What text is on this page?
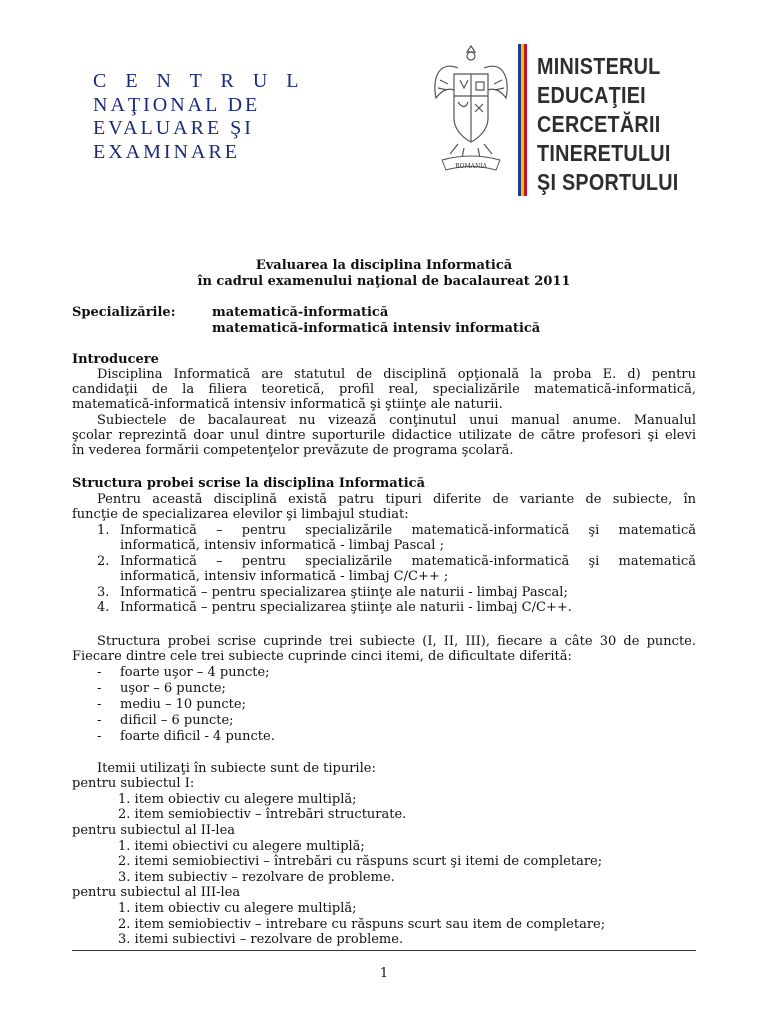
C E N T R U L
NAŢIONAL DE
EVALUARE ŞI
EXAMINARE
ROMANIA
MINISTERUL
EDUCAŢIEI
CERCETĂRII
TINERETULUI
ŞI SPORTULUI
Evaluarea la disciplina Informatică
în cadrul examenului naţional de bacalaureat 2011
Specializările:	matematică-informatică
matematică-informatică intensiv informatică
Introducere
Disciplina Informatică are statutul de disciplină opţională la proba E. d) pentru
candidaţii de la filiera teoretică, profil real, specializările matematică-informatică,
matematică-informatică intensiv informatică şi ştiinţe ale naturii.
Subiectele de bacalaureat nu vizează conţinutul unui manual anume. Manualul
şcolar reprezintă doar unul dintre suporturile didactice utilizate de către profesori şi elevi
în vederea formării competenţelor prevăzute de programa şcolară.
Structura probei scrise la disciplina Informatică
Pentru această disciplină există patru tipuri diferite de variante de subiecte, în
funcţie de specializarea elevilor şi limbajul studiat:
1. Informatică – pentru specializările matematică-informatică şi matematică
informatică, intensiv informatică - limbaj Pascal ;
2. Informatică – pentru specializările matematică-informatică şi matematică
informatică, intensiv informatică - limbaj C/C++ ;
3. Informatică – pentru specializarea ştiinţe ale naturii - limbaj Pascal;
4. Informatică – pentru specializarea ştiinţe ale naturii - limbaj C/C++.
Structura probei scrise cuprinde trei subiecte (I, II, III), fiecare a câte 30 de puncte.
Fiecare dintre cele trei subiecte cuprinde cinci itemi, de dificultate diferită:
- foarte uşor – 4 puncte;
- uşor – 6 puncte;
- mediu – 10 puncte;
- dificil – 6 puncte;
- foarte dificil - 4 puncte.
Itemii utilizaţi în subiecte sunt de tipurile:
pentru subiectul I:
1. item obiectiv cu alegere multiplă;
2. item semiobiectiv – întrebări structurate.
pentru subiectul al II-lea
1. itemi obiectivi cu alegere multiplă;
2. itemi semiobiectivi – întrebări cu răspuns scurt şi itemi de completare;
3. item subiectiv – rezolvare de probleme.
pentru subiectul al III-lea
1. item obiectiv cu alegere multiplă;
2. item semiobiectiv – intrebare cu răspuns scurt sau item de completare;
3. itemi subiectivi – rezolvare de probleme.
1
